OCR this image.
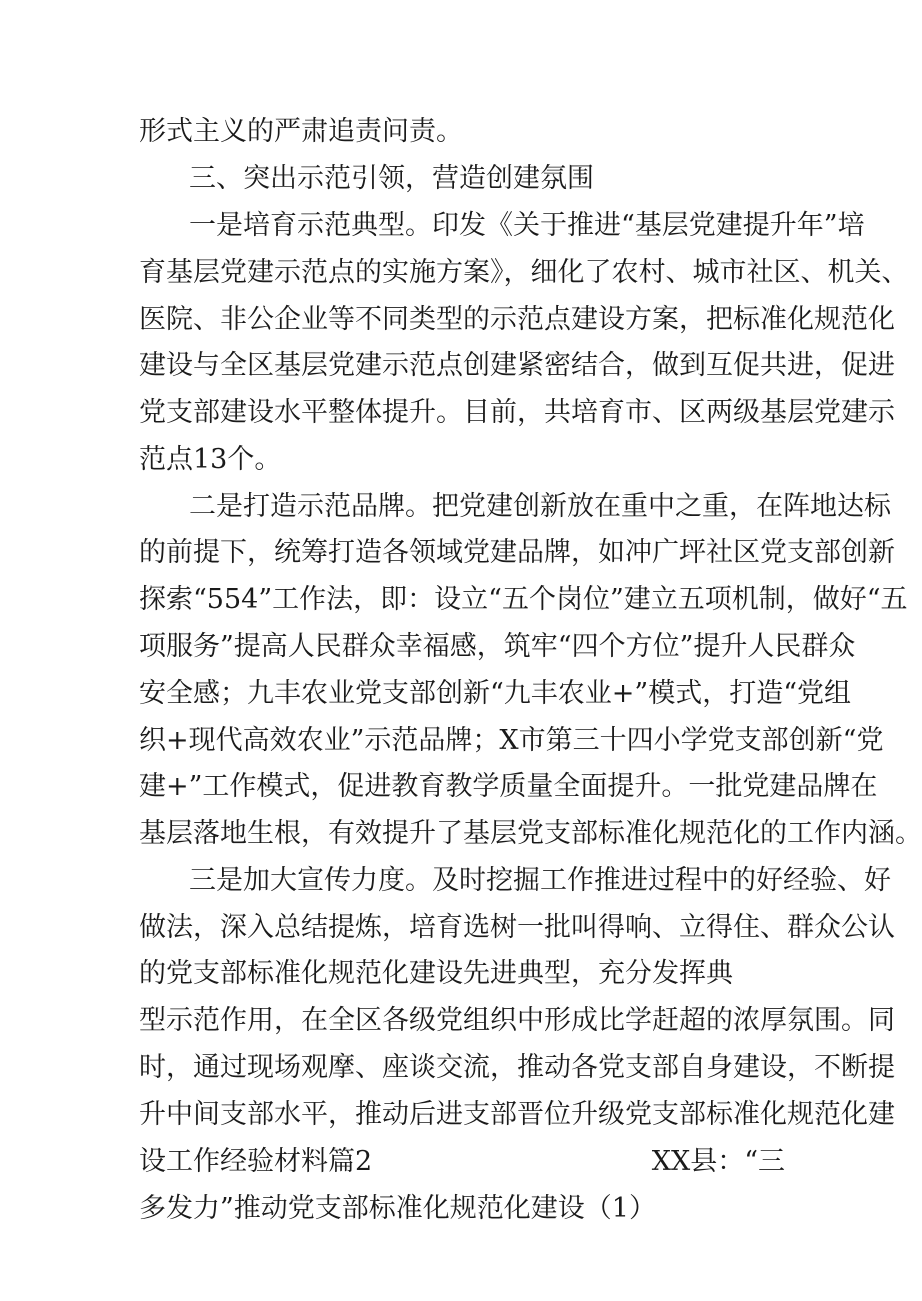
形式主义的严肃追责问责。
三、突出示范引领，营造创建氛围
一是培育示范典型。印发《关于推进“基层党建提升年”培
育基层党建示范点的实施方案》，细化了农村、城市社区、机关、
医院、非公企业等不同类型的示范点建设方案，把标准化规范化
建设与全区基层党建示范点创建紧密结合，做到互促共进，促进
党支部建设水平整体提升。目前，共培育市、区两级基层党建示
范点13个。
二是打造示范品牌。把党建创新放在重中之重，在阵地达标
的前提下，统筹打造各领域党建品牌，如冲广坪社区党支部创新
探索“554”工作法，即：设立“五个岗位”建立五项机制，做好“五
项服务”提高人民群众幸福感，筑牢“四个方位”提升人民群众
安全感；九丰农业党支部创新“九丰农业+”模式，打造“党组
织+现代高效农业”示范品牌；X市第三十四小学党支部创新“党
建+”工作模式，促进教育教学质量全面提升。一批党建品牌在
基层落地生根，有效提升了基层党支部标准化规范化的工作内涵。
三是加大宣传力度。及时挖掘工作推进过程中的好经验、好
做法，深入总结提炼，培育选树一批叫得响、立得住、群众公认
的党支部标准化规范化建设先进典型，充分发挥典
型示范作用，在全区各级党组织中形成比学赶超的浓厚氛围。同
时，通过现场观摩、座谈交流，推动各党支部自身建设，不断提
升中间支部水平，推动后进支部晋位升级党支部标准化规范化建
设工作经验材料篇2	XX县：“三
多发力”推动党支部标准化规范化建设（1）
